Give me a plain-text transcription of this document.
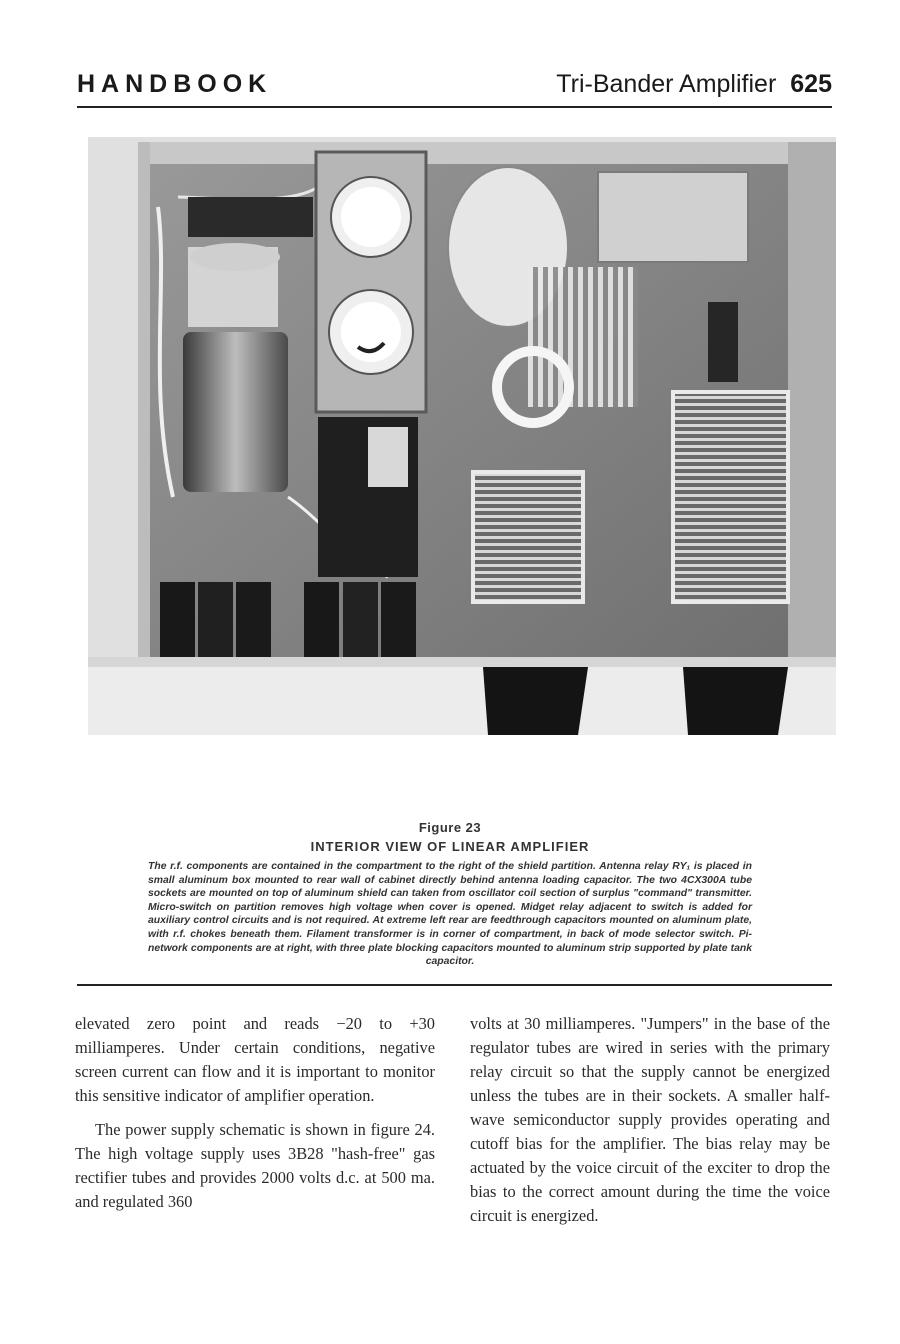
HANDBOOK	Tri-Bander Amplifier 625
Figure 23
INTERIOR VIEW OF LINEAR AMPLIFIER
The r.f. components are contained in the compartment to the right of the shield partition. Antenna relay RY₁ is placed in small aluminum box mounted to rear wall of cabinet directly behind antenna loading capacitor. The two 4CX300A tube sockets are mounted on top of aluminum shield can taken from oscillator coil section of surplus "command" transmitter. Micro-switch on partition removes high voltage when cover is opened. Midget relay adjacent to switch is added for auxiliary control circuits and is not required. At extreme left rear are feedthrough capacitors mounted on aluminum plate, with r.f. chokes beneath them. Filament transformer is in corner of compartment, in back of mode selector switch. Pi-network components are at right, with three plate blocking capacitors mounted to aluminum strip supported by plate tank capacitor.

elevated zero point and reads −20 to +30 milliamperes. Under certain conditions, negative screen current can flow and it is important to monitor this sensitive indicator of amplifier operation.

The power supply schematic is shown in figure 24. The high voltage supply uses 3B28 "hash-free" gas rectifier tubes and provides 2000 volts d.c. at 500 ma. and regulated 360

volts at 30 milliamperes. "Jumpers" in the base of the regulator tubes are wired in series with the primary relay circuit so that the supply cannot be energized unless the tubes are in their sockets. A smaller half-wave semiconductor supply provides operating and cutoff bias for the amplifier. The bias relay may be actuated by the voice circuit of the exciter to drop the bias to the correct amount during the time the voice circuit is energized.
